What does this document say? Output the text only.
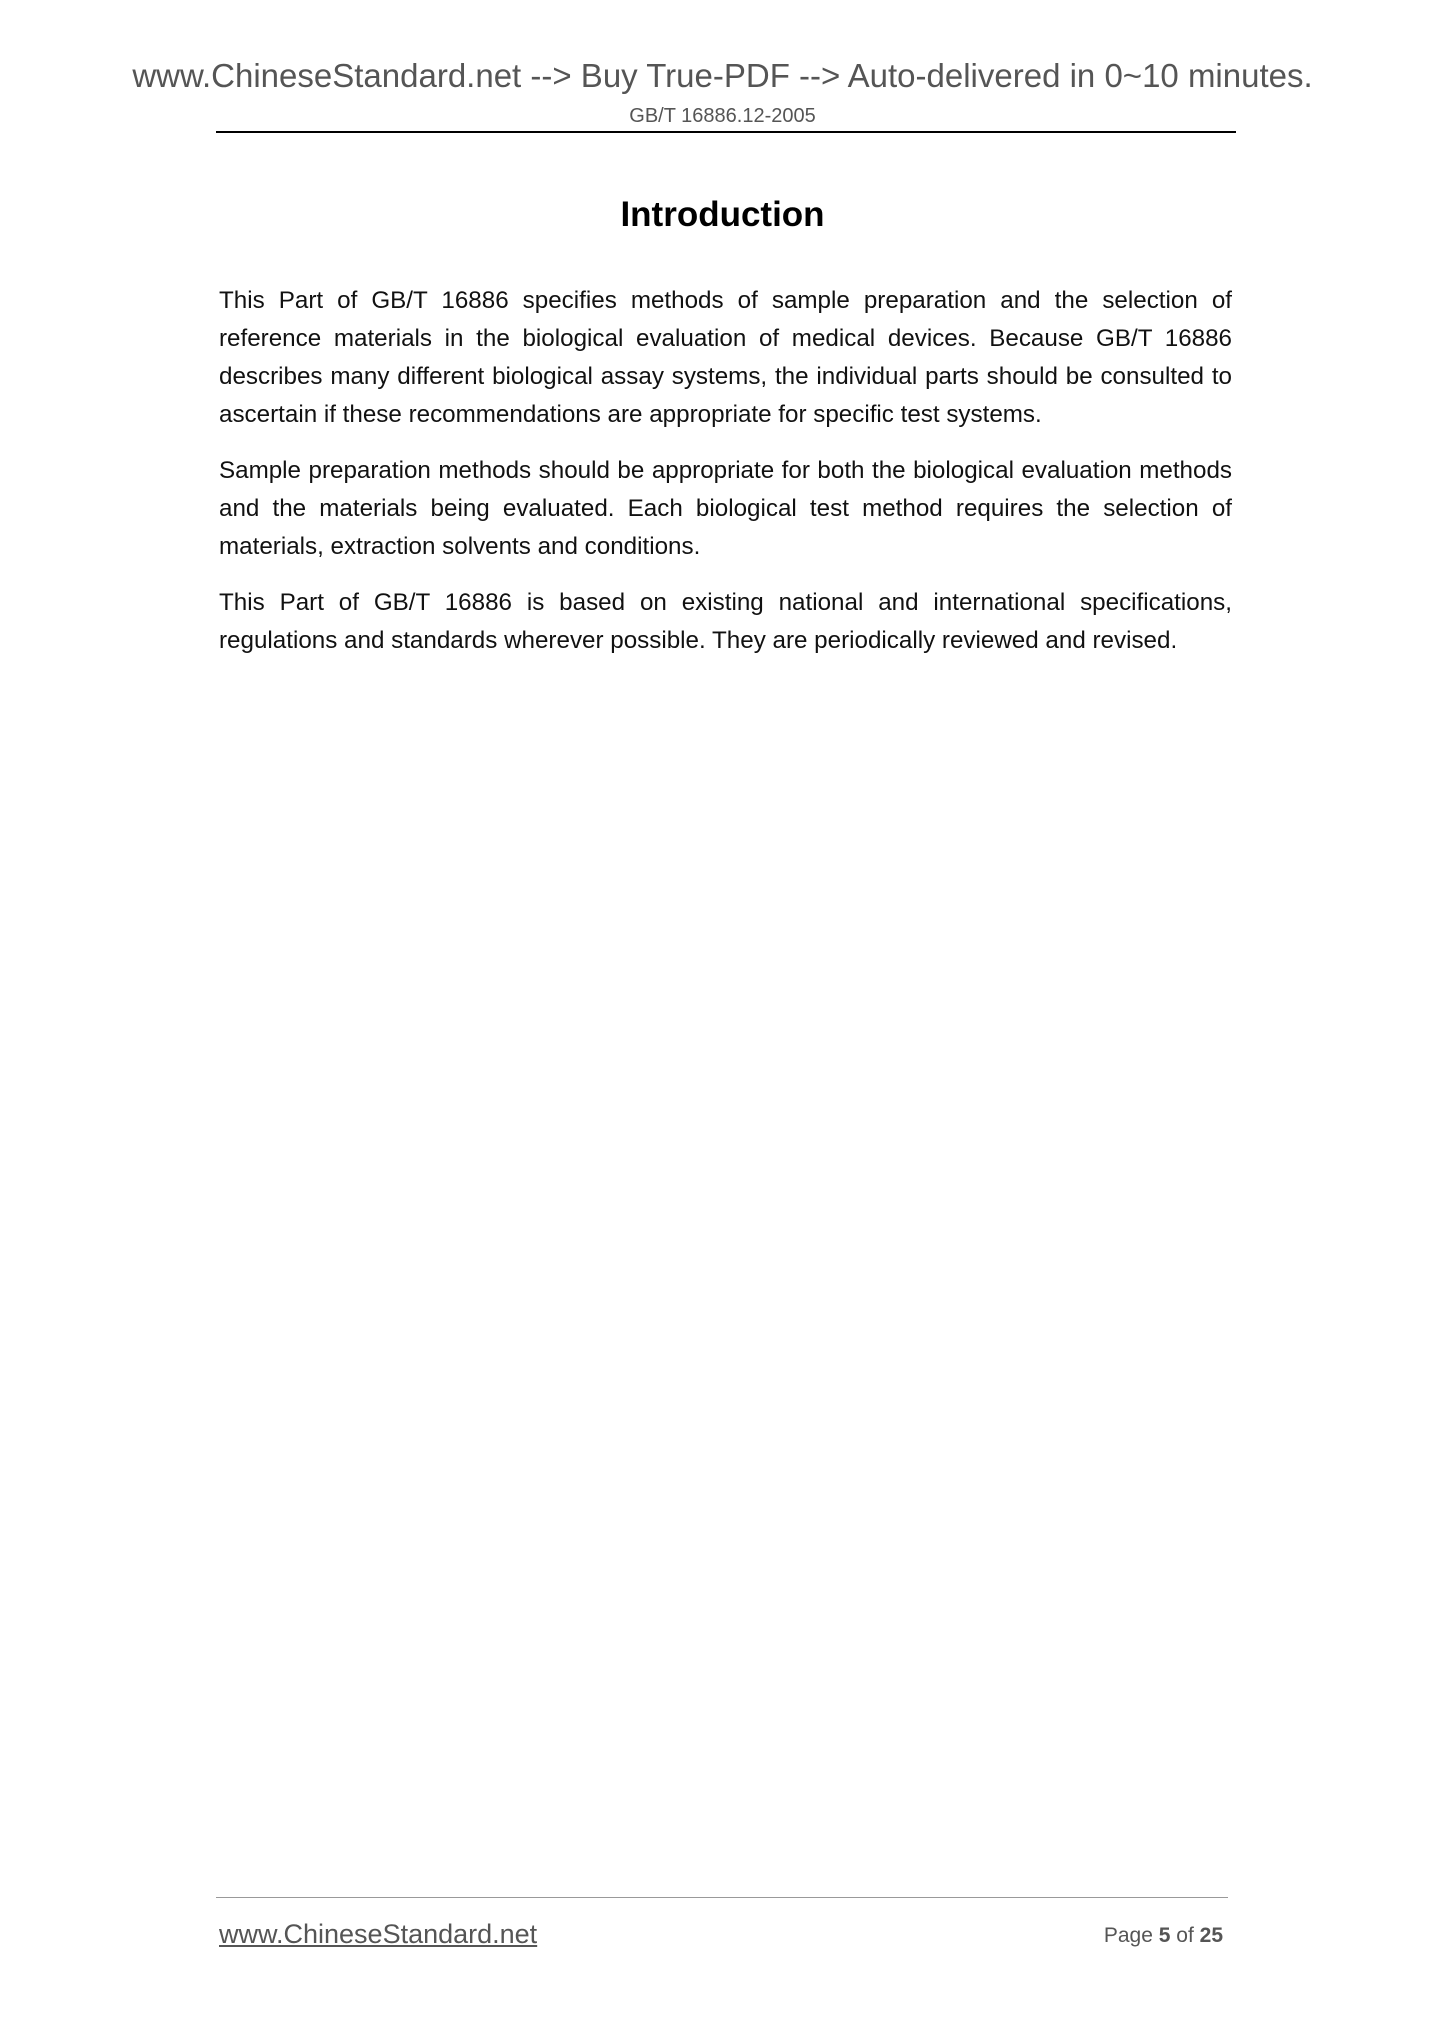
www.ChineseStandard.net --> Buy True-PDF --> Auto-delivered in 0~10 minutes.
GB/T 16886.12-2005
Introduction

This Part of GB/T 16886 specifies methods of sample preparation and the selection of reference materials in the biological evaluation of medical devices. Because GB/T 16886 describes many different biological assay systems, the individual parts should be consulted to ascertain if these recommendations are appropriate for specific test systems.

Sample preparation methods should be appropriate for both the biological evaluation methods and the materials being evaluated. Each biological test method requires the selection of materials, extraction solvents and conditions.

This Part of GB/T 16886 is based on existing national and international specifications, regulations and standards wherever possible. They are periodically reviewed and revised.

www.ChineseStandard.net	Page 5 of 25
